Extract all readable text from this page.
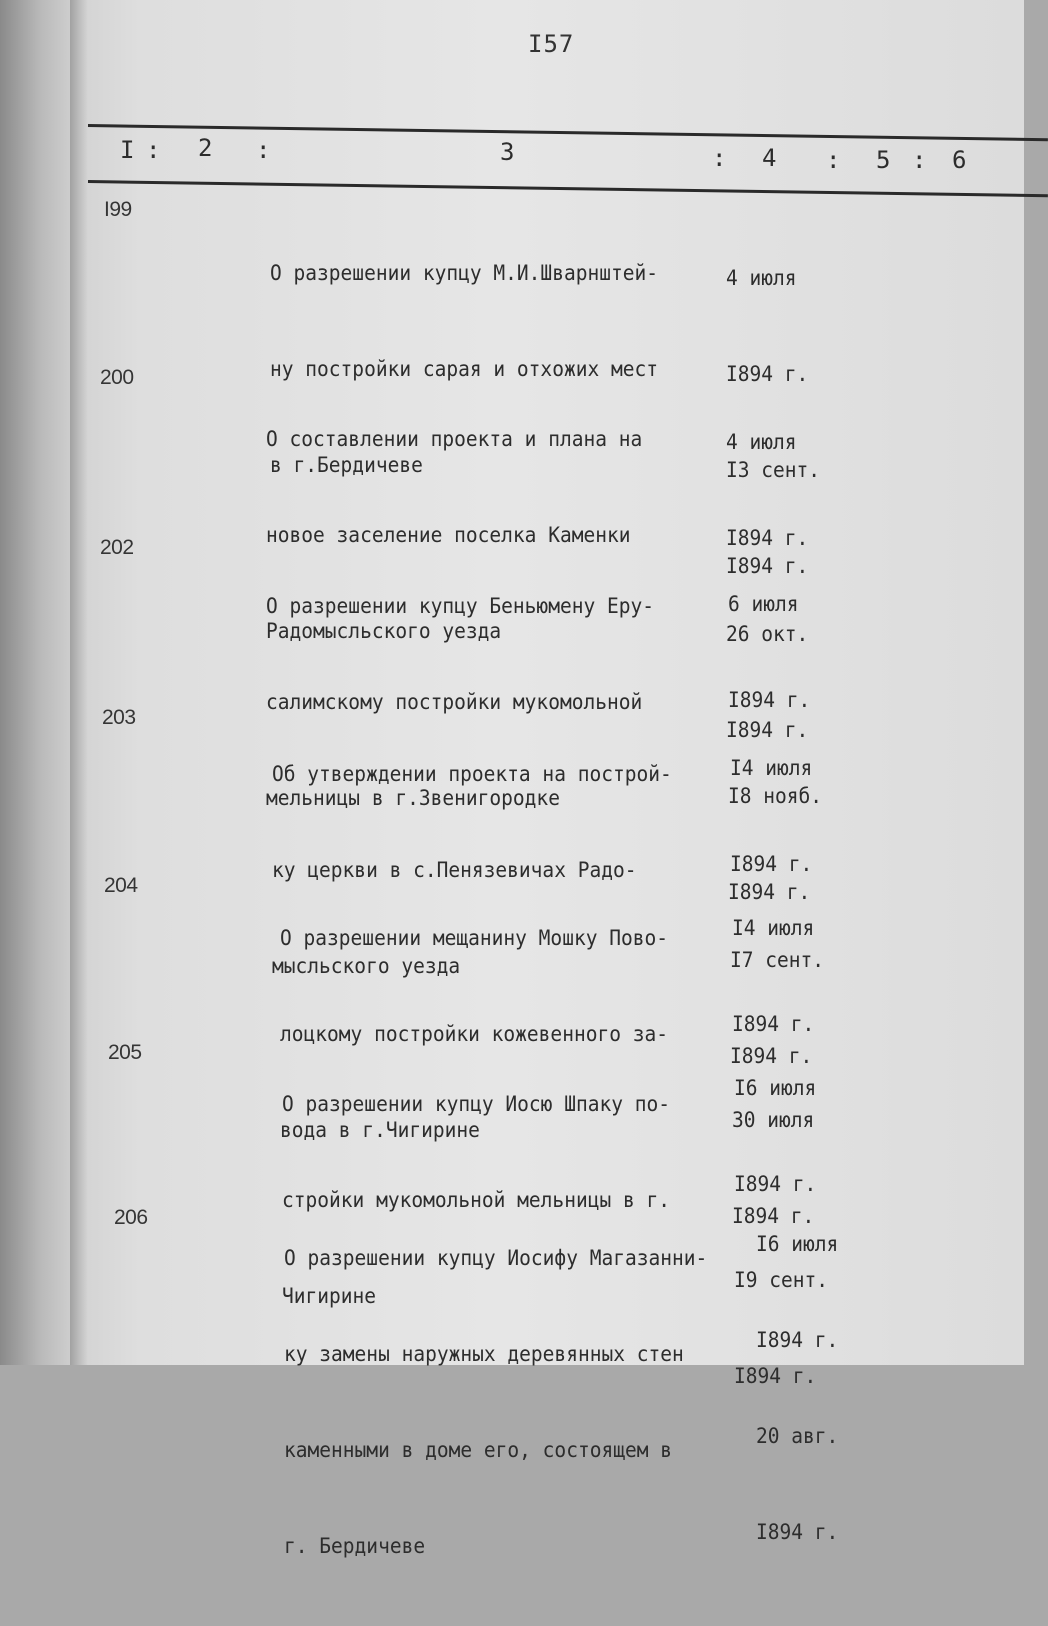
I57
I : 2 :	3	: 4 : 5 : 6
I99

О разрешении купцу М.И.Шварнштей-

ну постройки сарая и отхожих мест

в г.Бердичеве

4 июля

I894 г.

I3 сент.

I894 г.

200

О составлении проекта и плана на

новое заселение поселка Каменки

Радомысльского уезда

4 июля

I894 г.

26 окт.

I894 г.

202

О разрешении купцу Беньюмену Еру-

салимскому постройки мукомольной

мельницы в г.Звенигородке

6 июля

I894 г.

I8 нояб.

I894 г.

203

Об утверждении проекта на построй-

ку церкви в с.Пенязевичах Радо-

мысльского уезда

I4 июля

I894 г.

I7 сент.

I894 г.

204

О разрешении мещанину Мошку Пово-

лоцкому постройки кожевенного за-

вода в г.Чигирине

I4 июля

I894 г.

30 июля

I894 г.

205

О разрешении купцу Иосю Шпаку по-

стройки мукомольной мельницы в г.

Чигирине

I6 июля

I894 г.

I9 сент.

I894 г.

206

О разрешении купцу Иосифу Магазанни-

ку замены наружных деревянных стен

каменными в доме его, состоящем в

г. Бердичеве

I6 июля

I894 г.

20 авг.

I894 г.
